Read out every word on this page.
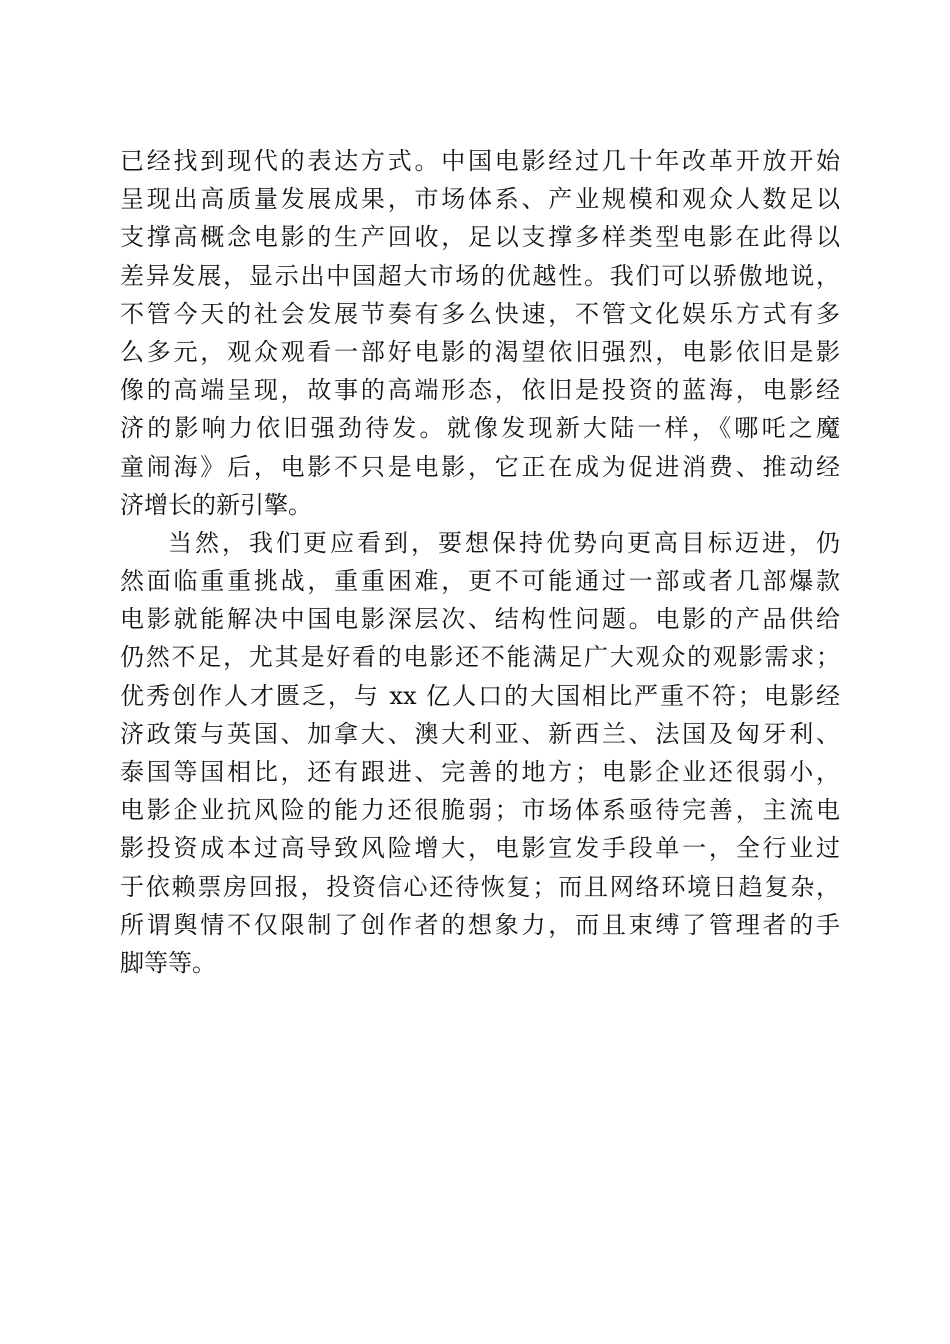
已经找到现代的表达方式。中国电影经过几十年改革开放开始
呈现出高质量发展成果，市场体系、产业规模和观众人数足以
支撑高概念电影的生产回收，足以支撑多样类型电影在此得以
差异发展，显示出中国超大市场的优越性。我们可以骄傲地说，
不管今天的社会发展节奏有多么快速，不管文化娱乐方式有多
么多元，观众观看一部好电影的渴望依旧强烈，电影依旧是影
像的高端呈现，故事的高端形态，依旧是投资的蓝海，电影经
济的影响力依旧强劲待发。就像发现新大陆一样，《哪吒之魔
童闹海》后，电影不只是电影，它正在成为促进消费、推动经
济增长的新引擎。
当然，我们更应看到，要想保持优势向更高目标迈进，仍
然面临重重挑战，重重困难，更不可能通过一部或者几部爆款
电影就能解决中国电影深层次、结构性问题。电影的产品供给
仍然不足，尤其是好看的电影还不能满足广大观众的观影需求；
优秀创作人才匮乏，与 xx 亿人口的大国相比严重不符；电影经
济政策与英国、加拿大、澳大利亚、新西兰、法国及匈牙利、
泰国等国相比，还有跟进、完善的地方；电影企业还很弱小，
电影企业抗风险的能力还很脆弱；市场体系亟待完善，主流电
影投资成本过高导致风险增大，电影宣发手段单一，全行业过
于依赖票房回报，投资信心还待恢复；而且网络环境日趋复杂，
所谓舆情不仅限制了创作者的想象力，而且束缚了管理者的手
脚等等。
